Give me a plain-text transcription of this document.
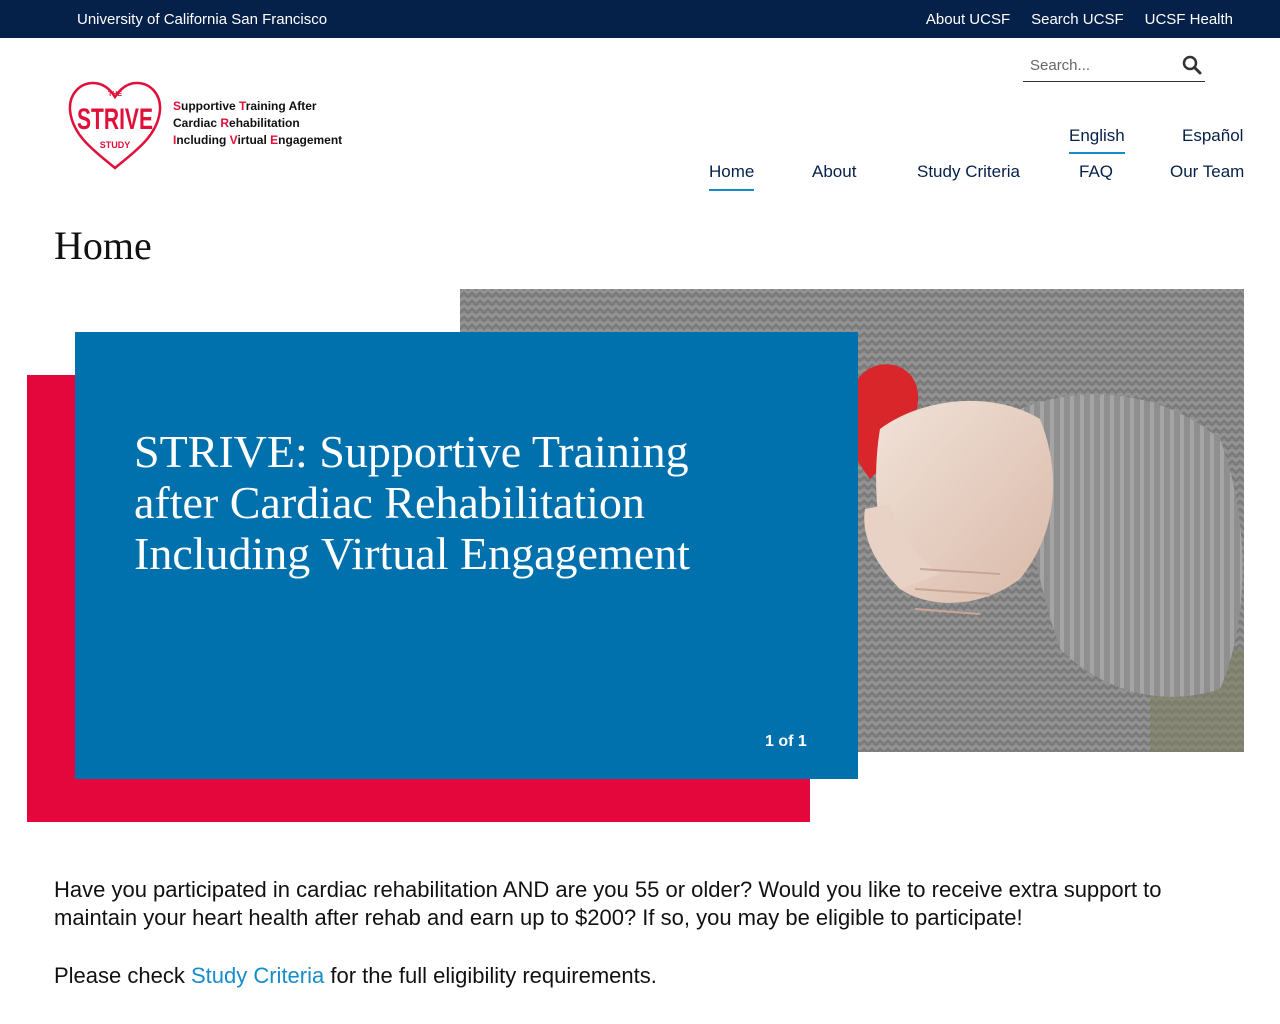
University of California San Francisco	About UCSF Search UCSF UCSF Health
THE
STRIVE
STUDY
Supportive Training After
Cardiac Rehabilitation
Including Virtual Engagement
Search...	English	Español
Home	About	Study Criteria	FAQ	Our Team
Home
STRIVE: Supportive Training after Cardiac Rehabilitation Including Virtual Engagement
1 of 1

Have you participated in cardiac rehabilitation AND are you 55 or older? Would you like to receive extra support to maintain your heart health after rehab and earn up to $200? If so, you may be eligible to participate!

Please check Study Criteria for the full eligibility requirements.
